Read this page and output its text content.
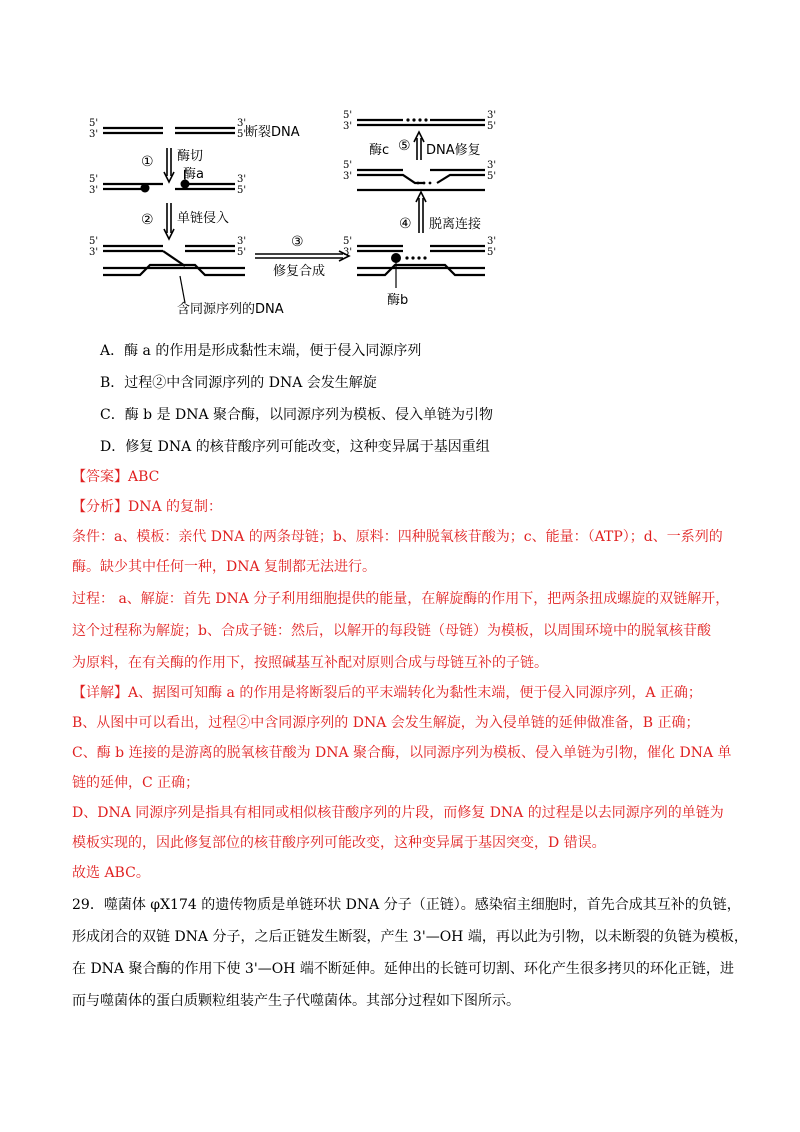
5'
3'
3'
5'
5'
3'
3'
5'
5'
3'
3'
5'
5'
3'
3'
5'
5'
3'
3'
5'
5'
3'
3'
5'
①
②
③
④
⑤
断裂DNA
酶切
酶a
单链侵入
修复合成
含同源序列的DNA
酶b
脱离连接
酶c	DNA修复
A．酶 a 的作用是形成黏性末端，便于侵入同源序列
B．过程②中含同源序列的 DNA 会发生解旋
C．酶 b 是 DNA 聚合酶，以同源序列为模板、侵入单链为引物
D．修复 DNA 的核苷酸序列可能改变，这种变异属于基因重组
【答案】ABC
【分析】DNA 的复制：
条件：a、模板：亲代 DNA 的两条母链；b、原料：四种脱氧核苷酸为；c、能量：（ATP）；d、一系列的
酶。缺少其中任何一种，DNA 复制都无法进行。
过程： a、解旋：首先 DNA 分子利用细胞提供的能量，在解旋酶的作用下，把两条扭成螺旋的双链解开，
这个过程称为解旋；b、合成子链：然后，以解开的每段链（母链）为模板，以周围环境中的脱氧核苷酸
为原料，在有关酶的作用下，按照碱基互补配对原则合成与母链互补的子链。
【详解】A、据图可知酶 a 的作用是将断裂后的平末端转化为黏性末端，便于侵入同源序列，A 正确；
B、从图中可以看出，过程②中含同源序列的 DNA 会发生解旋，为入侵单链的延伸做准备，B 正确；
C、酶 b 连接的是游离的脱氧核苷酸为 DNA 聚合酶，以同源序列为模板、侵入单链为引物，催化 DNA 单
链的延伸，C 正确；
D、DNA 同源序列是指具有相同或相似核苷酸序列的片段，而修复 DNA 的过程是以去同源序列的单链为
模板实现的，因此修复部位的核苷酸序列可能改变，这种变异属于基因突变，D 错误。
故选 ABC。
29．噬菌体 φX174 的遗传物质是单链环状 DNA 分子（正链）。感染宿主细胞时，首先合成其互补的负链，
形成闭合的双链 DNA 分子，之后正链发生断裂，产生 3'—OH 端，再以此为引物，以未断裂的负链为模板，
在 DNA 聚合酶的作用下使 3'—OH 端不断延伸。延伸出的长链可切割、环化产生很多拷贝的环化正链，进
而与噬菌体的蛋白质颗粒组装产生子代噬菌体。其部分过程如下图所示。
